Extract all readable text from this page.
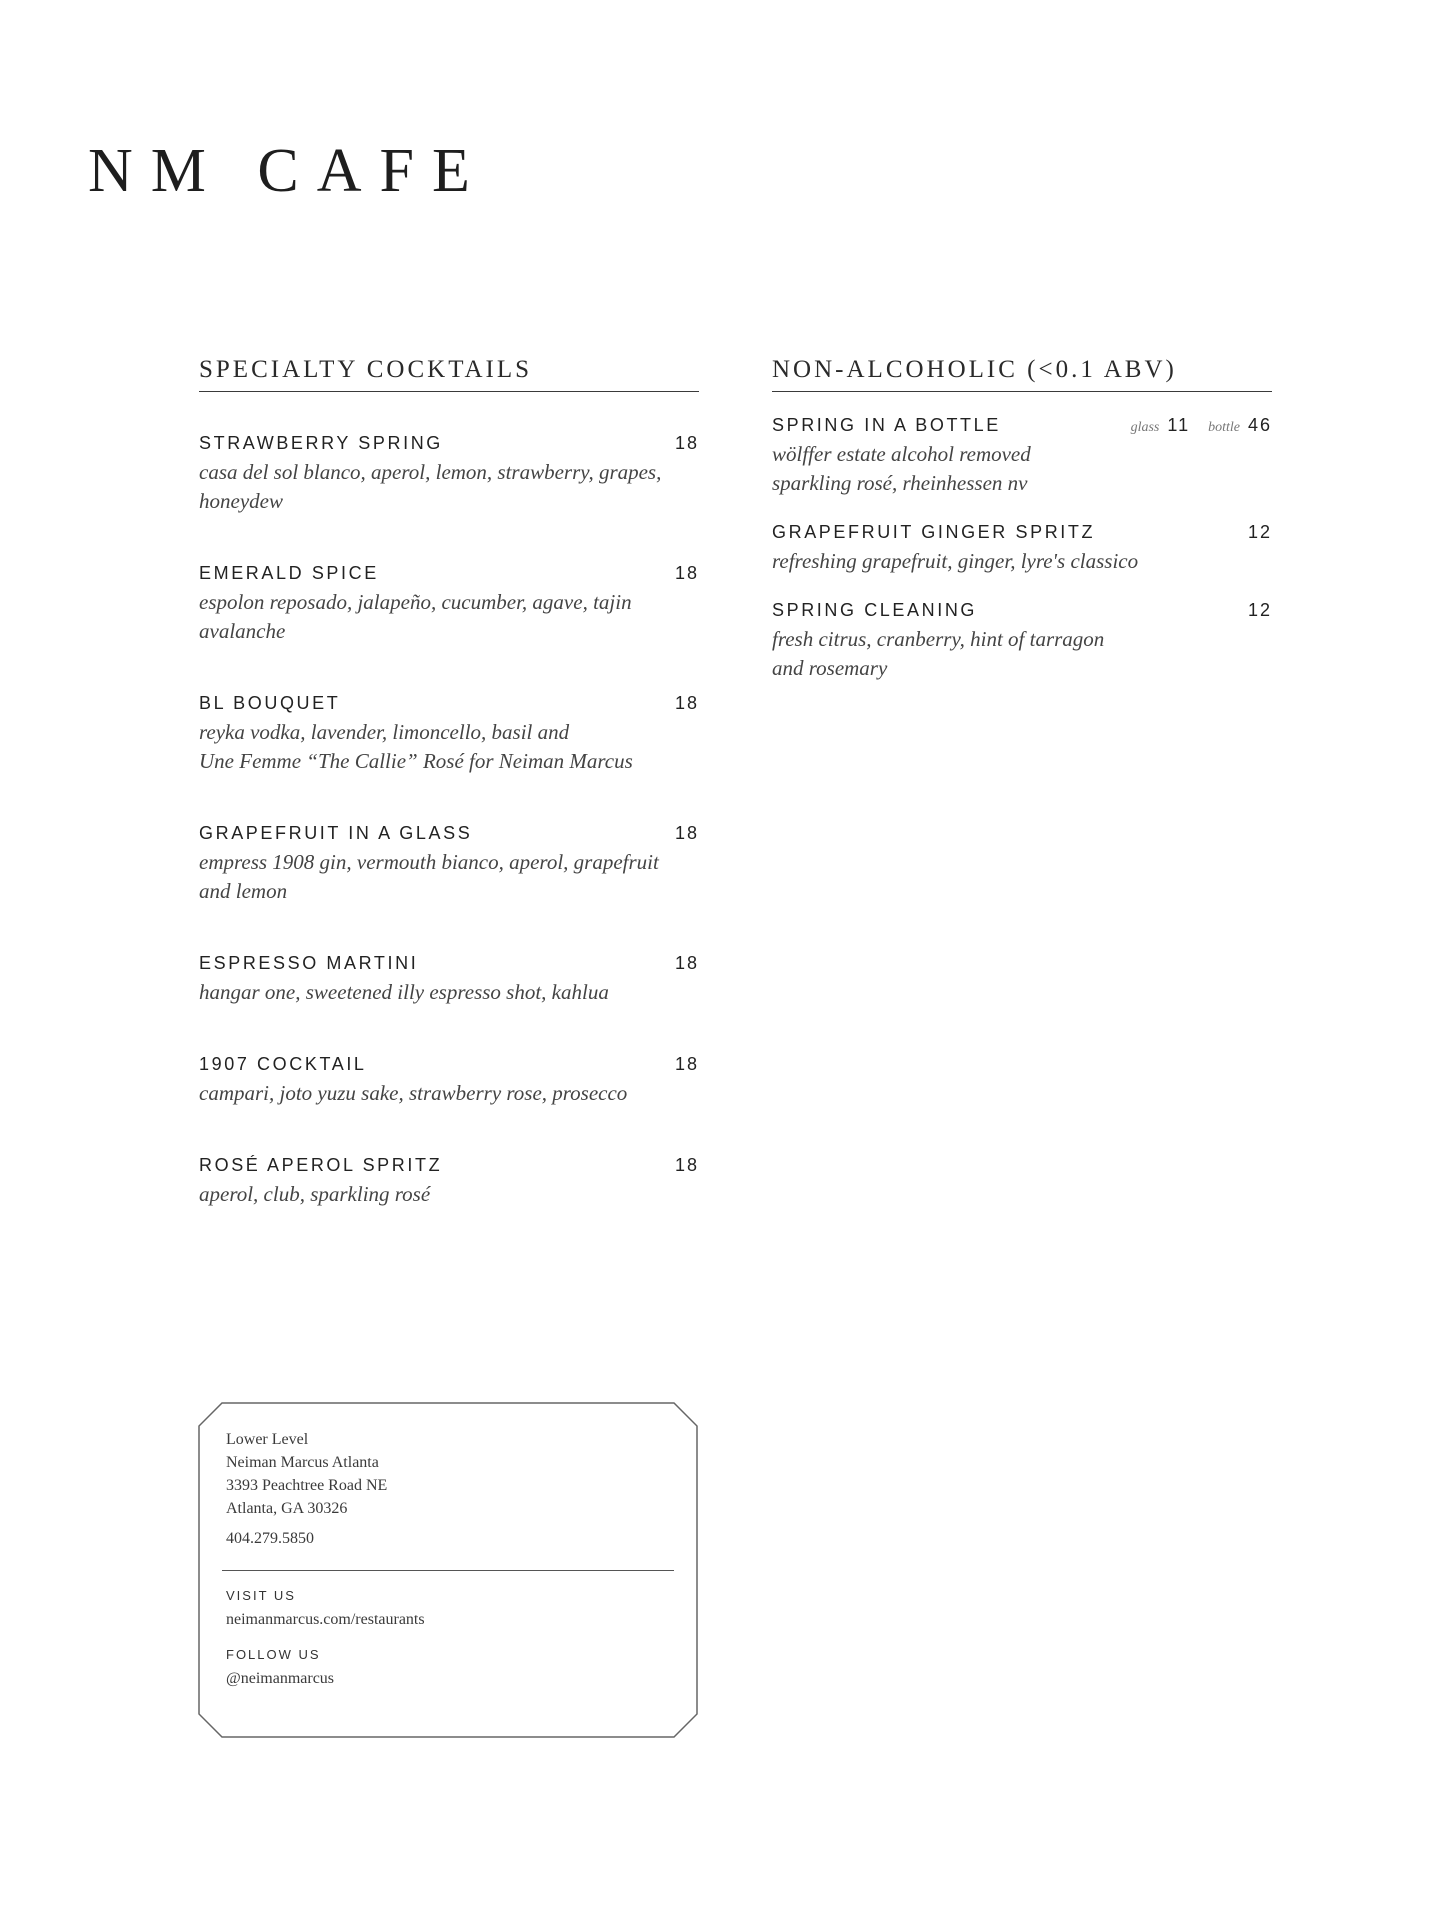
NM CAFE
SPECIALTY COCKTAILS
STRAWBERRY SPRING	18
casa del sol blanco, aperol, lemon, strawberry, grapes,
honeydew
EMERALD SPICE	18
espolon reposado, jalapeño, cucumber, agave, tajin
avalanche
BL BOUQUET	18
reyka vodka, lavender, limoncello, basil and
Une Femme “The Callie” Rosé for Neiman Marcus
GRAPEFRUIT IN A GLASS	18
empress 1908 gin, vermouth bianco, aperol, grapefruit
and lemon
ESPRESSO MARTINI	18
hangar one, sweetened illy espresso shot, kahlua
1907 COCKTAIL	18
campari, joto yuzu sake, strawberry rose, prosecco
ROSÉ APEROL SPRITZ	18
aperol, club, sparkling rosé
NON-ALCOHOLIC (<0.1 ABV)
SPRING IN A BOTTLE	glass 11 bottle 46
wölffer estate alcohol removed
sparkling rosé, rheinhessen nv
GRAPEFRUIT GINGER SPRITZ	12
refreshing grapefruit, ginger, lyre's classico
SPRING CLEANING	12
fresh citrus, cranberry, hint of tarragon
and rosemary
Lower Level
Neiman Marcus Atlanta
3393 Peachtree Road NE
Atlanta, GA 30326
404.279.5850
VISIT US
neimanmarcus.com/restaurants
FOLLOW US
@neimanmarcus
